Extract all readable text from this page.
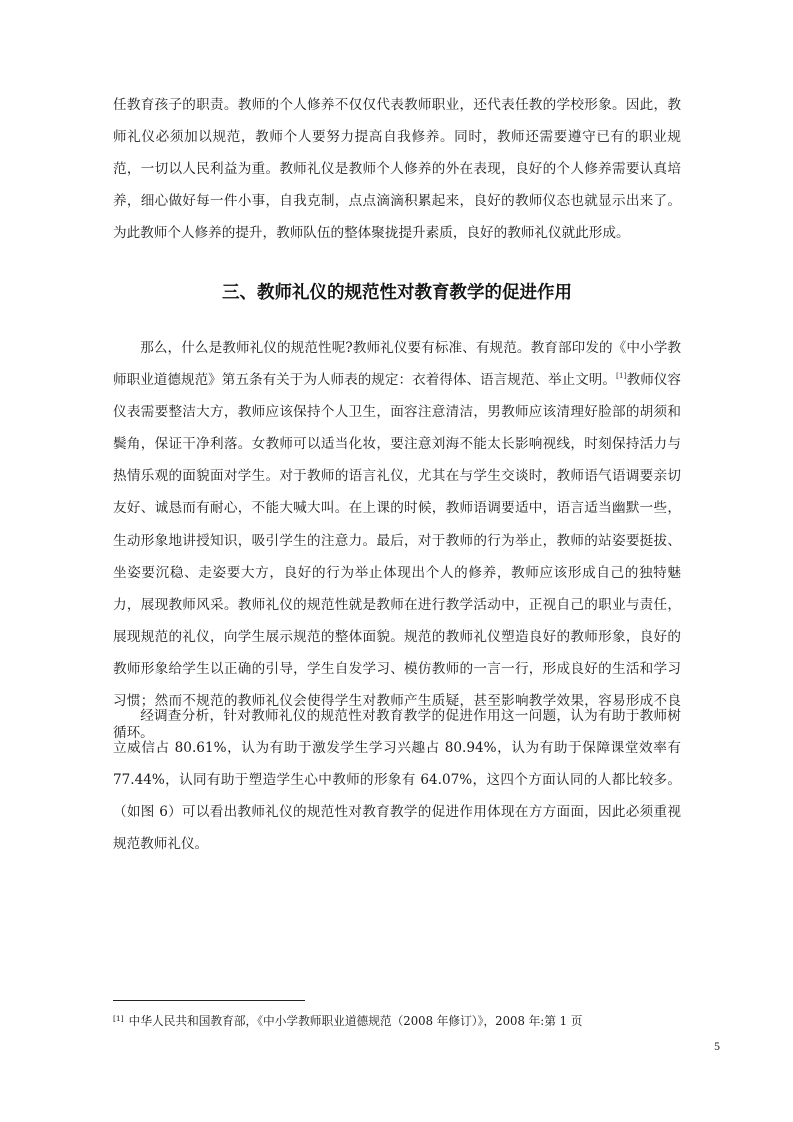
任教育孩子的职责。教师的个人修养不仅仅代表教师职业，还代表任教的学校形象。因此，教师礼仪必须加以规范，教师个人要努力提高自我修养。同时，教师还需要遵守已有的职业规范，一切以人民利益为重。教师礼仪是教师个人修养的外在表现，良好的个人修养需要认真培养，细心做好每一件小事，自我克制，点点滴滴积累起来，良好的教师仪态也就显示出来了。为此教师个人修养的提升，教师队伍的整体聚拢提升素质，良好的教师礼仪就此形成。

三、教师礼仪的规范性对教育教学的促进作用

那么，什么是教师礼仪的规范性呢?教师礼仪要有标准、有规范。教育部印发的《中小学教师职业道德规范》第五条有关于为人师表的规定：衣着得体、语言规范、举止文明。[1]教师仪容仪表需要整洁大方，教师应该保持个人卫生，面容注意清洁，男教师应该清理好脸部的胡须和鬓角，保证干净利落。女教师可以适当化妆，要注意刘海不能太长影响视线，时刻保持活力与热情乐观的面貌面对学生。对于教师的语言礼仪，尤其在与学生交谈时，教师语气语调要亲切友好、诚恳而有耐心，不能大喊大叫。在上课的时候，教师语调要适中，语言适当幽默一些，生动形象地讲授知识，吸引学生的注意力。最后，对于教师的行为举止，教师的站姿要挺拔、坐姿要沉稳、走姿要大方，良好的行为举止体现出个人的修养，教师应该形成自己的独特魅力，展现教师风采。教师礼仪的规范性就是教师在进行教学活动中，正视自己的职业与责任，展现规范的礼仪，向学生展示规范的整体面貌。规范的教师礼仪塑造良好的教师形象，良好的教师形象给学生以正确的引导，学生自发学习、模仿教师的一言一行，形成良好的生活和学习习惯；然而不规范的教师礼仪会使得学生对教师产生质疑，甚至影响教学效果，容易形成不良循环。

经调查分析，针对教师礼仪的规范性对教育教学的促进作用这一问题，认为有助于教师树立威信占 80.61%，认为有助于激发学生学习兴趣占 80.94%，认为有助于保障课堂效率有 77.44%，认同有助于塑造学生心中教师的形象有 64.07%，这四个方面认同的人都比较多。（如图 6）可以看出教师礼仪的规范性对教育教学的促进作用体现在方方面面，因此必须重视规范教师礼仪。

[1] 中华人民共和国教育部，《中小学教师职业道德规范（2008 年修订）》，2008 年:第 1 页

5
